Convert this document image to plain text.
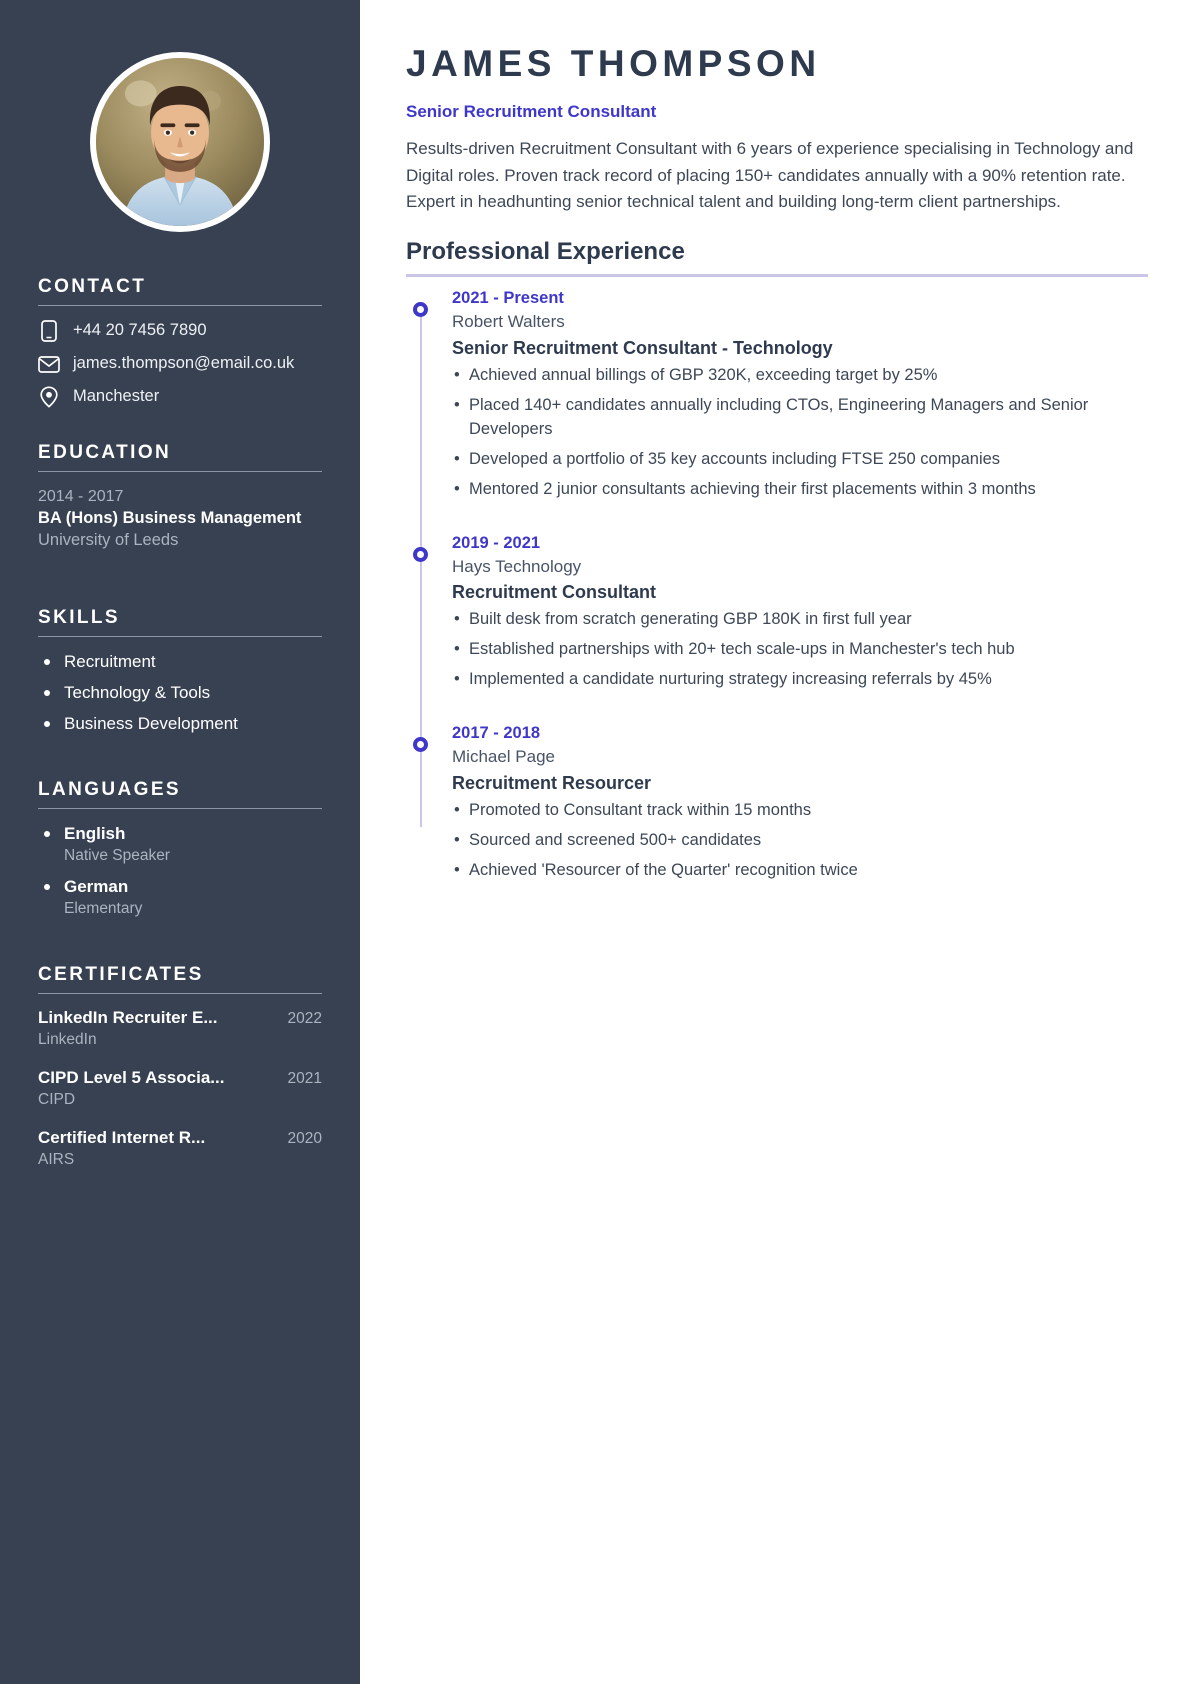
CONTACT
+44 20 7456 7890
james.thompson@email.co.uk
Manchester
EDUCATION
2014 - 2017
BA (Hons) Business Management
University of Leeds
SKILLS
Recruitment
Technology & Tools
Business Development
LANGUAGES
English
Native Speaker
German
Elementary
CERTIFICATES
LinkedIn Recruiter E...	2022
LinkedIn
CIPD Level 5 Associa...	2021
CIPD
Certified Internet R...	2020
AIRS
JAMES THOMPSON
Senior Recruitment Consultant

Results-driven Recruitment Consultant with 6 years of experience specialising in Technology and Digital roles. Proven track record of placing 150+ candidates annually with a 90% retention rate. Expert in headhunting senior technical talent and building long-term client partnerships.

Professional Experience
2021 - Present
Robert Walters
Senior Recruitment Consultant - Technology
• Achieved annual billings of GBP 320K, exceeding target by 25%
• Placed 140+ candidates annually including CTOs, Engineering Managers and Senior Developers
• Developed a portfolio of 35 key accounts including FTSE 250 companies
• Mentored 2 junior consultants achieving their first placements within 3 months
2019 - 2021
Hays Technology
Recruitment Consultant
• Built desk from scratch generating GBP 180K in first full year
• Established partnerships with 20+ tech scale-ups in Manchester's tech hub
• Implemented a candidate nurturing strategy increasing referrals by 45%
2017 - 2018
Michael Page
Recruitment Resourcer
• Promoted to Consultant track within 15 months
• Sourced and screened 500+ candidates
• Achieved 'Resourcer of the Quarter' recognition twice
